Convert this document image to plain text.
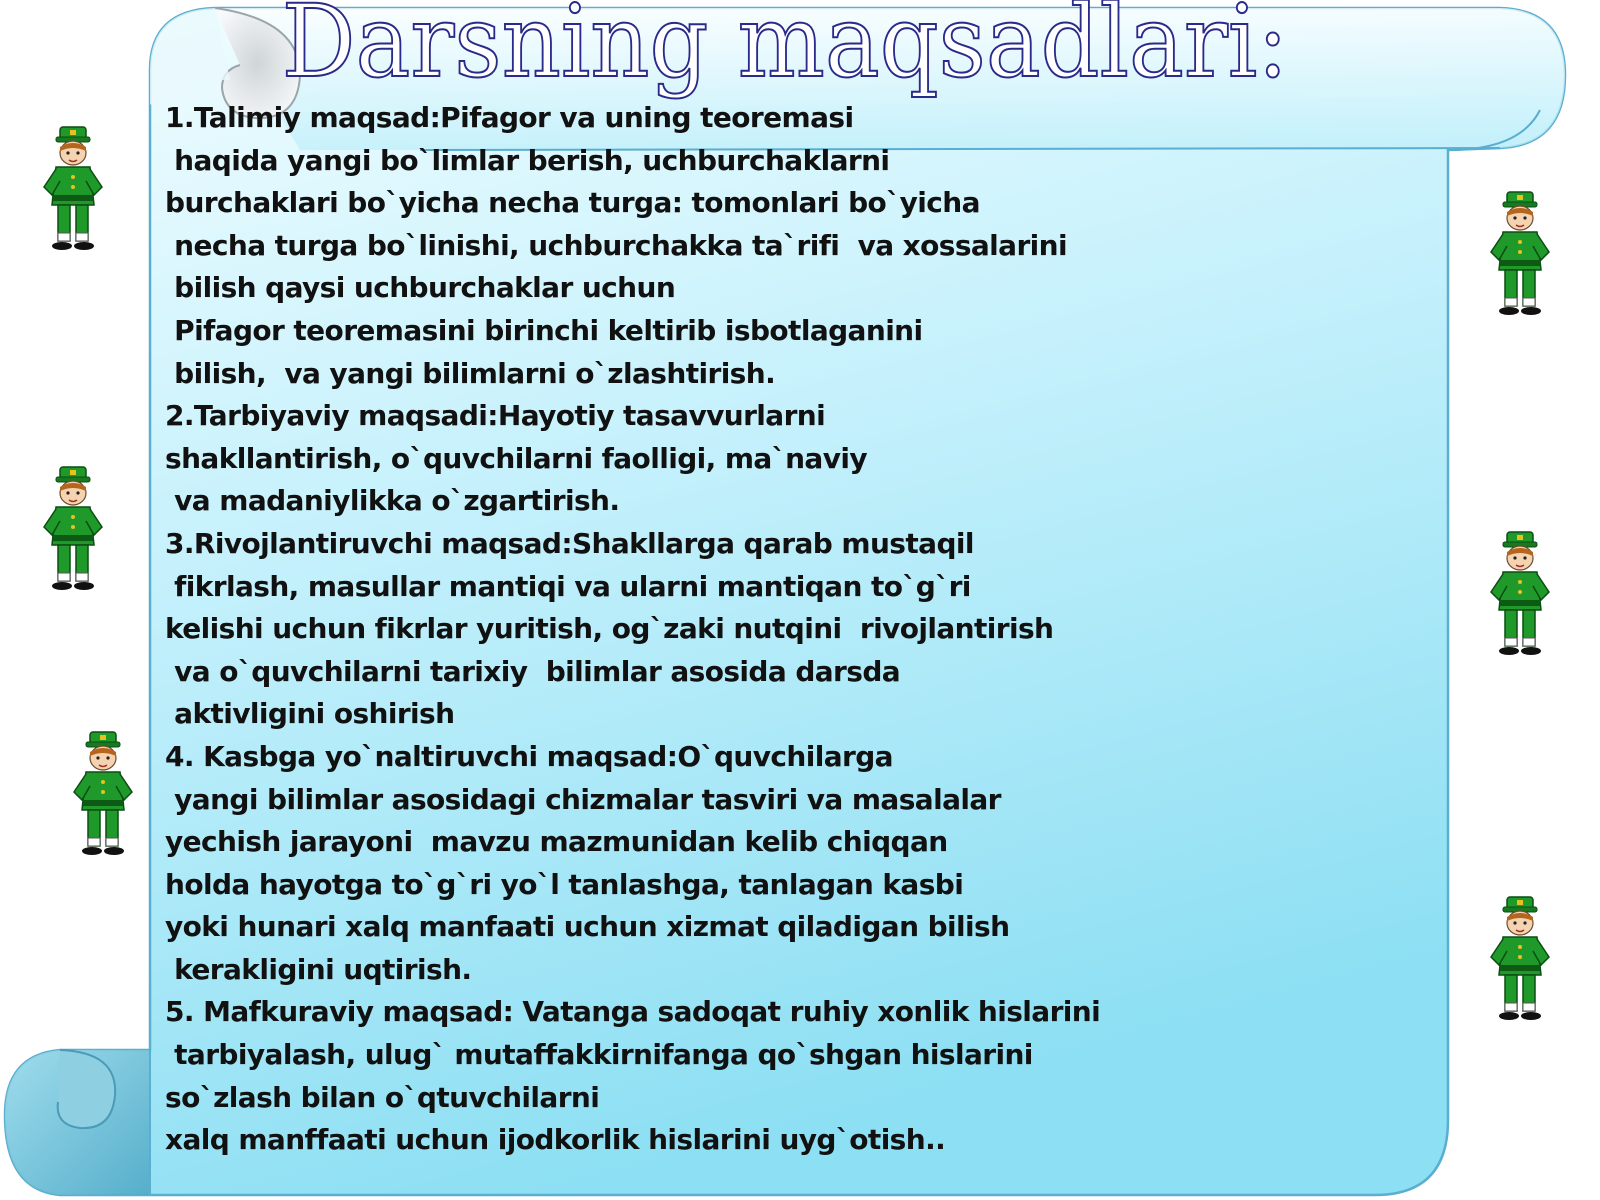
Darsning maqsadlari:
1.Talimiy maqsad:Pifagor va uning teoremasi
haqida yangi bo`limlar berish, uchburchaklarni
burchaklari bo`yicha necha turga: tomonlari bo`yicha
necha turga bo`linishi, uchburchakka ta`rifi  va xossalarini
bilish qaysi uchburchaklar uchun
Pifagor teoremasini birinchi keltirib isbotlaganini
bilish,  va yangi bilimlarni o`zlashtirish.
2.Tarbiyaviy maqsadi:Hayotiy tasavvurlarni
shakllantirish, o`quvchilarni faolligi, ma`naviy
va madaniylikka o`zgartirish.
3.Rivojlantiruvchi maqsad:Shakllarga qarab mustaqil
fikrlash, masullar mantiqi va ularni mantiqan to`g`ri
kelishi uchun fikrlar yuritish, og`zaki nutqini  rivojlantirish
va o`quvchilarni tarixiy  bilimlar asosida darsda
aktivligini oshirish
4. Kasbga yo`naltiruvchi maqsad:O`quvchilarga
yangi bilimlar asosidagi chizmalar tasviri va masalalar
yechish jarayoni  mavzu mazmunidan kelib chiqqan
holda hayotga to`g`ri yo`l tanlashga, tanlagan kasbi
yoki hunari xalq manfaati uchun xizmat qiladigan bilish
kerakligini uqtirish.
5. Mafkuraviy maqsad: Vatanga sadoqat ruhiy xonlik hislarini
tarbiyalash, ulug` mutaffakkirnifanga qo`shgan hislarini
so`zlash bilan o`qtuvchilarni
xalq manffaati uchun ijodkorlik hislarini uyg`otish..
